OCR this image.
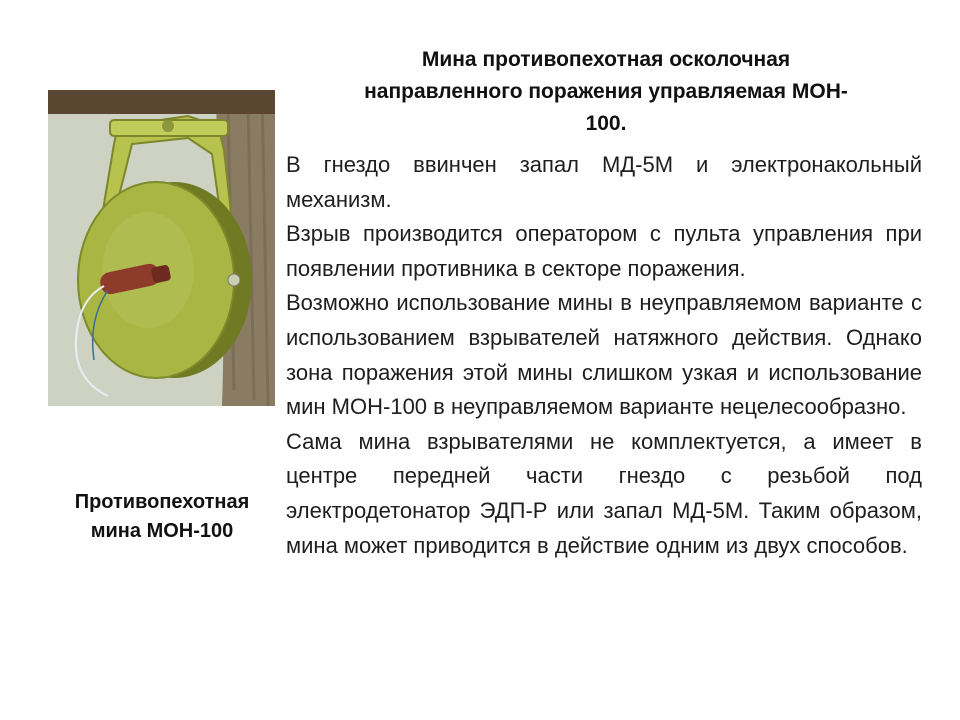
Мина противопехотная осколочная
направленного поражения управляемая МОН-
100.
Противопехотная
мина МОН-100

В гнездо ввинчен запал МД-5М и электронакольный механизм.

Взрыв производится оператором с пульта управления при появлении противника в секторе поражения.

Возможно использование мины в неуправляемом варианте с использованием взрывателей натяжного действия. Однако зона поражения этой мины слишком узкая и использование мин МОН-100 в неуправляемом варианте нецелесообразно.

Сама мина взрывателями не комплектуется, а имеет в центре передней части гнездо с резьбой под электродетонатор ЭДП-Р или запал МД-5М. Таким образом, мина может приводится в действие одним из двух способов.
